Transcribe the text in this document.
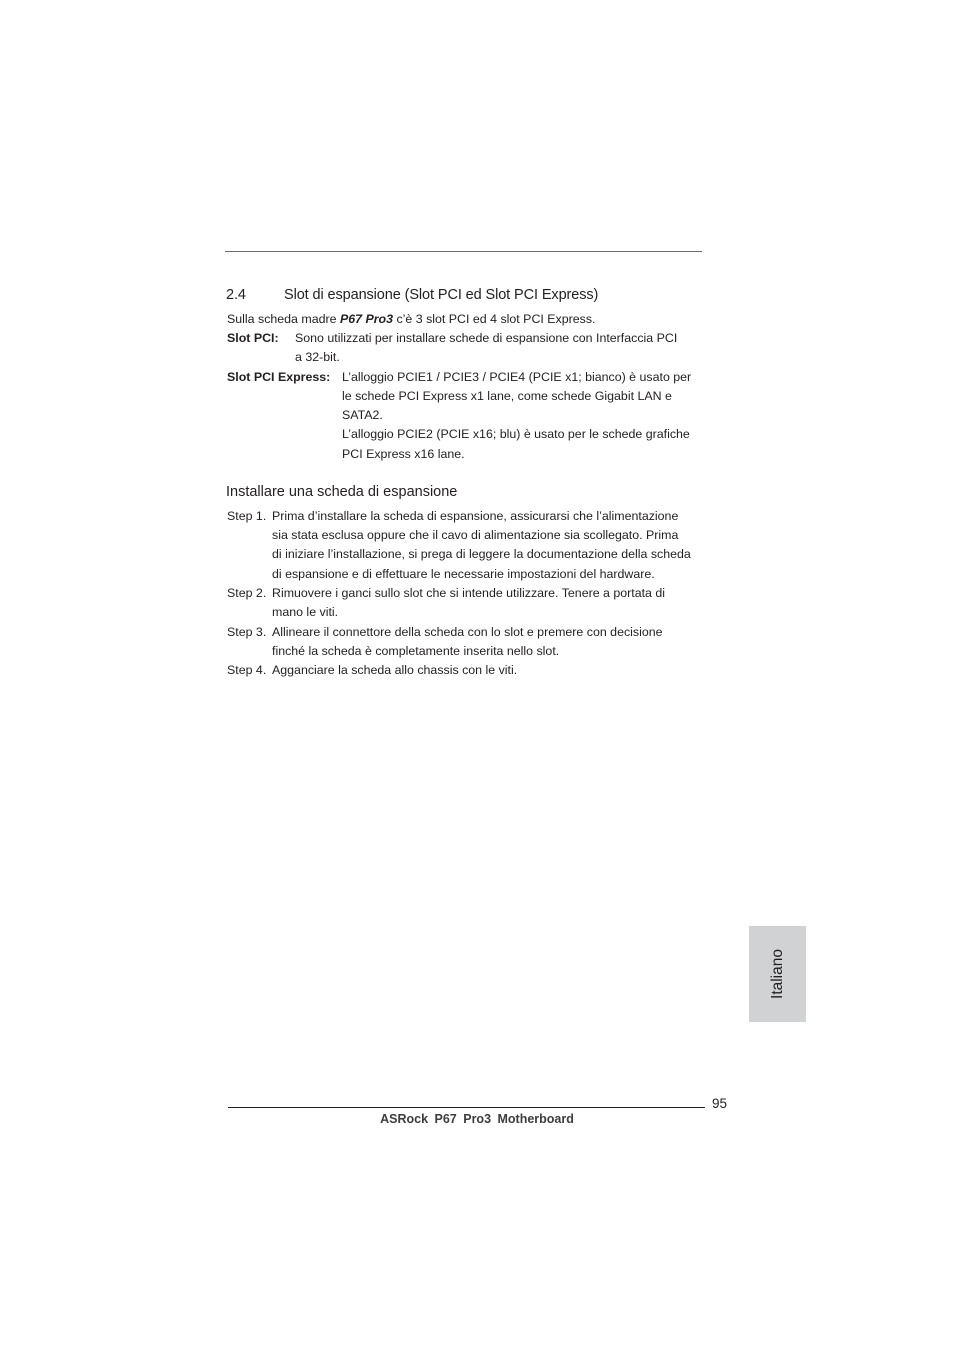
2.4	Slot di espansione (Slot PCI ed Slot PCI Express)
Sulla scheda madre P67 Pro3 c’è 3 slot PCI ed 4 slot PCI Express.
Slot PCI: Sono utilizzati per installare schede di espansione con Interfaccia PCI
a 32-bit.
Slot PCI Express: L’alloggio PCIE1 / PCIE3 / PCIE4 (PCIE x1; bianco) è usato per
le schede PCI Express x1 lane, come schede Gigabit LAN e
SATA2.
L’alloggio PCIE2 (PCIE x16; blu) è usato per le schede grafiche
PCI Express x16 lane.
Installare una scheda di espansione
Step 1. Prima d’installare la scheda di espansione, assicurarsi che l’alimentazione
sia stata esclusa oppure che il cavo di alimentazione sia scollegato. Prima
di iniziare l’installazione, si prega di leggere la documentazione della scheda
di espansione e di effettuare le necessarie impostazioni del hardware.
Step 2. Rimuovere i ganci sullo slot che si intende utilizzare. Tenere a portata di
mano le viti.
Step 3. Allineare il connettore della scheda con lo slot e premere con decisione
finché la scheda è completamente inserita nello slot.
Step 4. Agganciare la scheda allo chassis con le viti.
Italiano
95
ASRock P67 Pro3 Motherboard
